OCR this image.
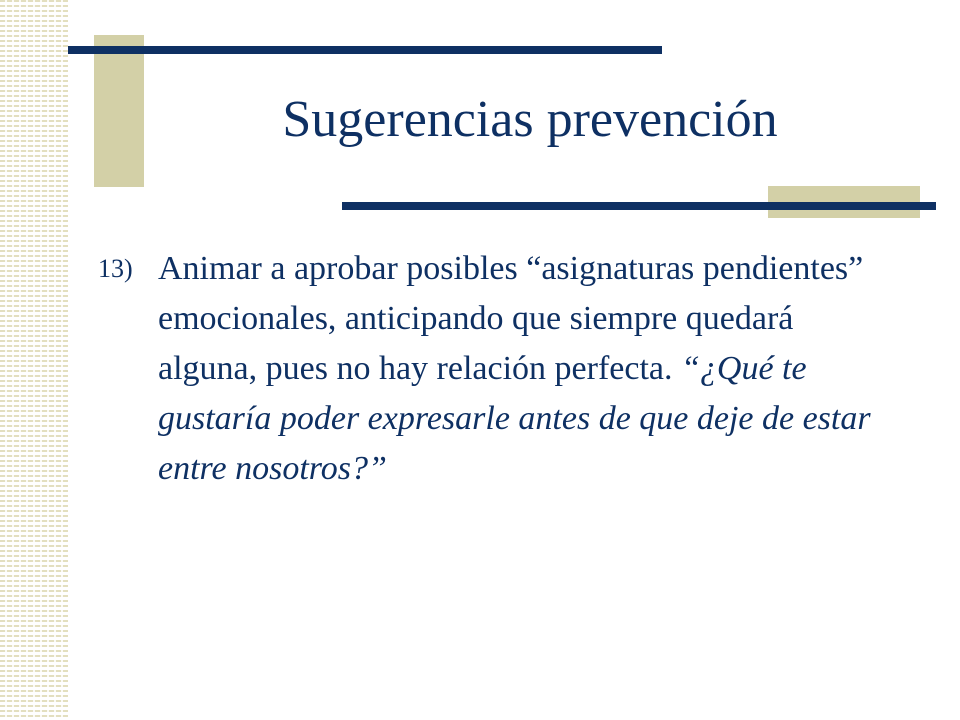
Sugerencias prevención
13) Animar a aprobar posibles “asignaturas pendientes” emocionales, anticipando que siempre quedará alguna, pues no hay relación perfecta. “¿Qué te gustaría poder expresarle antes de que deje de estar entre nosotros?”
